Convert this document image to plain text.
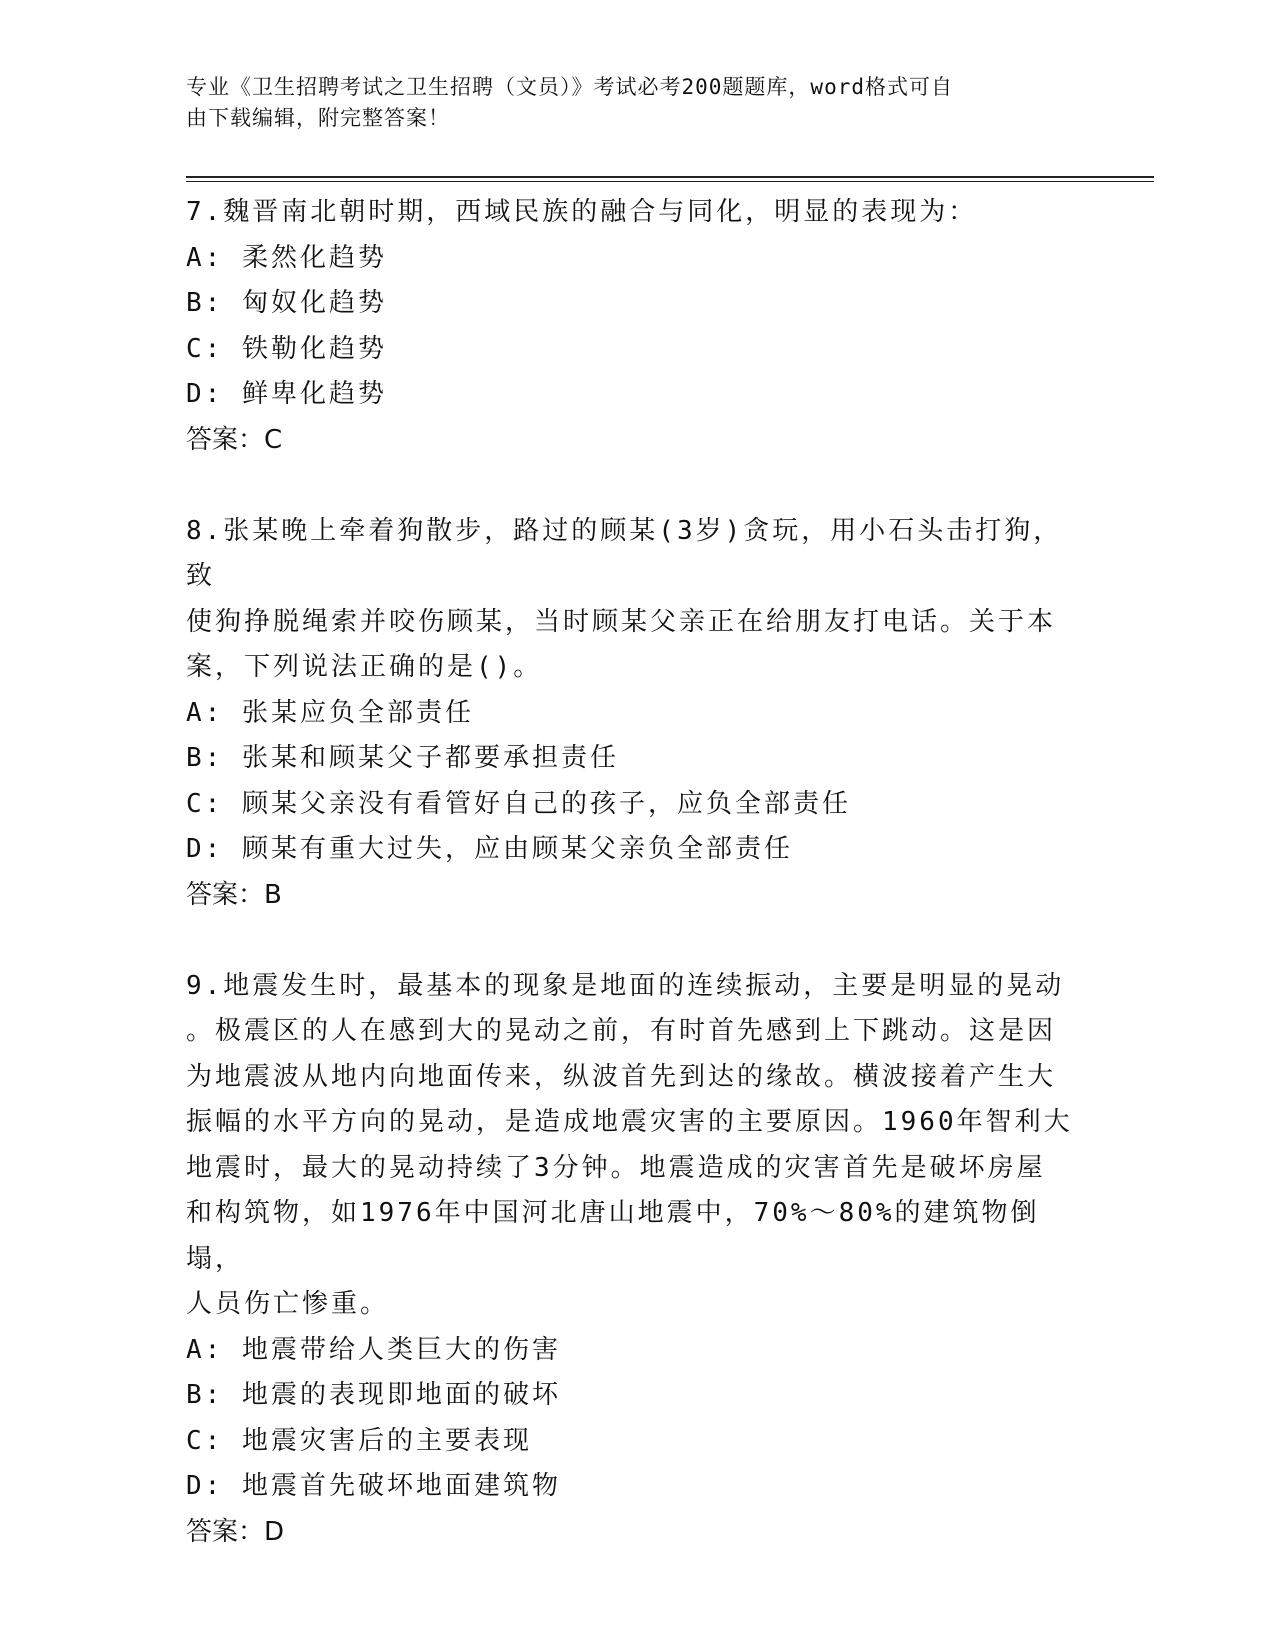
专业《卫生招聘考试之卫生招聘（文员）》考试必考200题题库，word格式可自
由下载编辑，附完整答案！

7.魏晋南北朝时期，西域民族的融合与同化，明显的表现为：

A: 柔然化趋势

B: 匈奴化趋势

C: 铁勒化趋势

D: 鲜卑化趋势

答案：C

8.张某晚上牵着狗散步，路过的顾某(3岁)贪玩，用小石头击打狗，致

使狗挣脱绳索并咬伤顾某，当时顾某父亲正在给朋友打电话。关于本

案，下列说法正确的是()。

A: 张某应负全部责任

B: 张某和顾某父子都要承担责任

C: 顾某父亲没有看管好自己的孩子，应负全部责任

D: 顾某有重大过失，应由顾某父亲负全部责任

答案：B

9.地震发生时，最基本的现象是地面的连续振动，主要是明显的晃动

。极震区的人在感到大的晃动之前，有时首先感到上下跳动。这是因

为地震波从地内向地面传来，纵波首先到达的缘故。横波接着产生大

振幅的水平方向的晃动，是造成地震灾害的主要原因。1960年智利大

地震时，最大的晃动持续了3分钟。地震造成的灾害首先是破坏房屋

和构筑物，如1976年中国河北唐山地震中，70%～80%的建筑物倒塌，

人员伤亡惨重。

A: 地震带给人类巨大的伤害

B: 地震的表现即地面的破坏

C: 地震灾害后的主要表现

D: 地震首先破坏地面建筑物

答案：D
